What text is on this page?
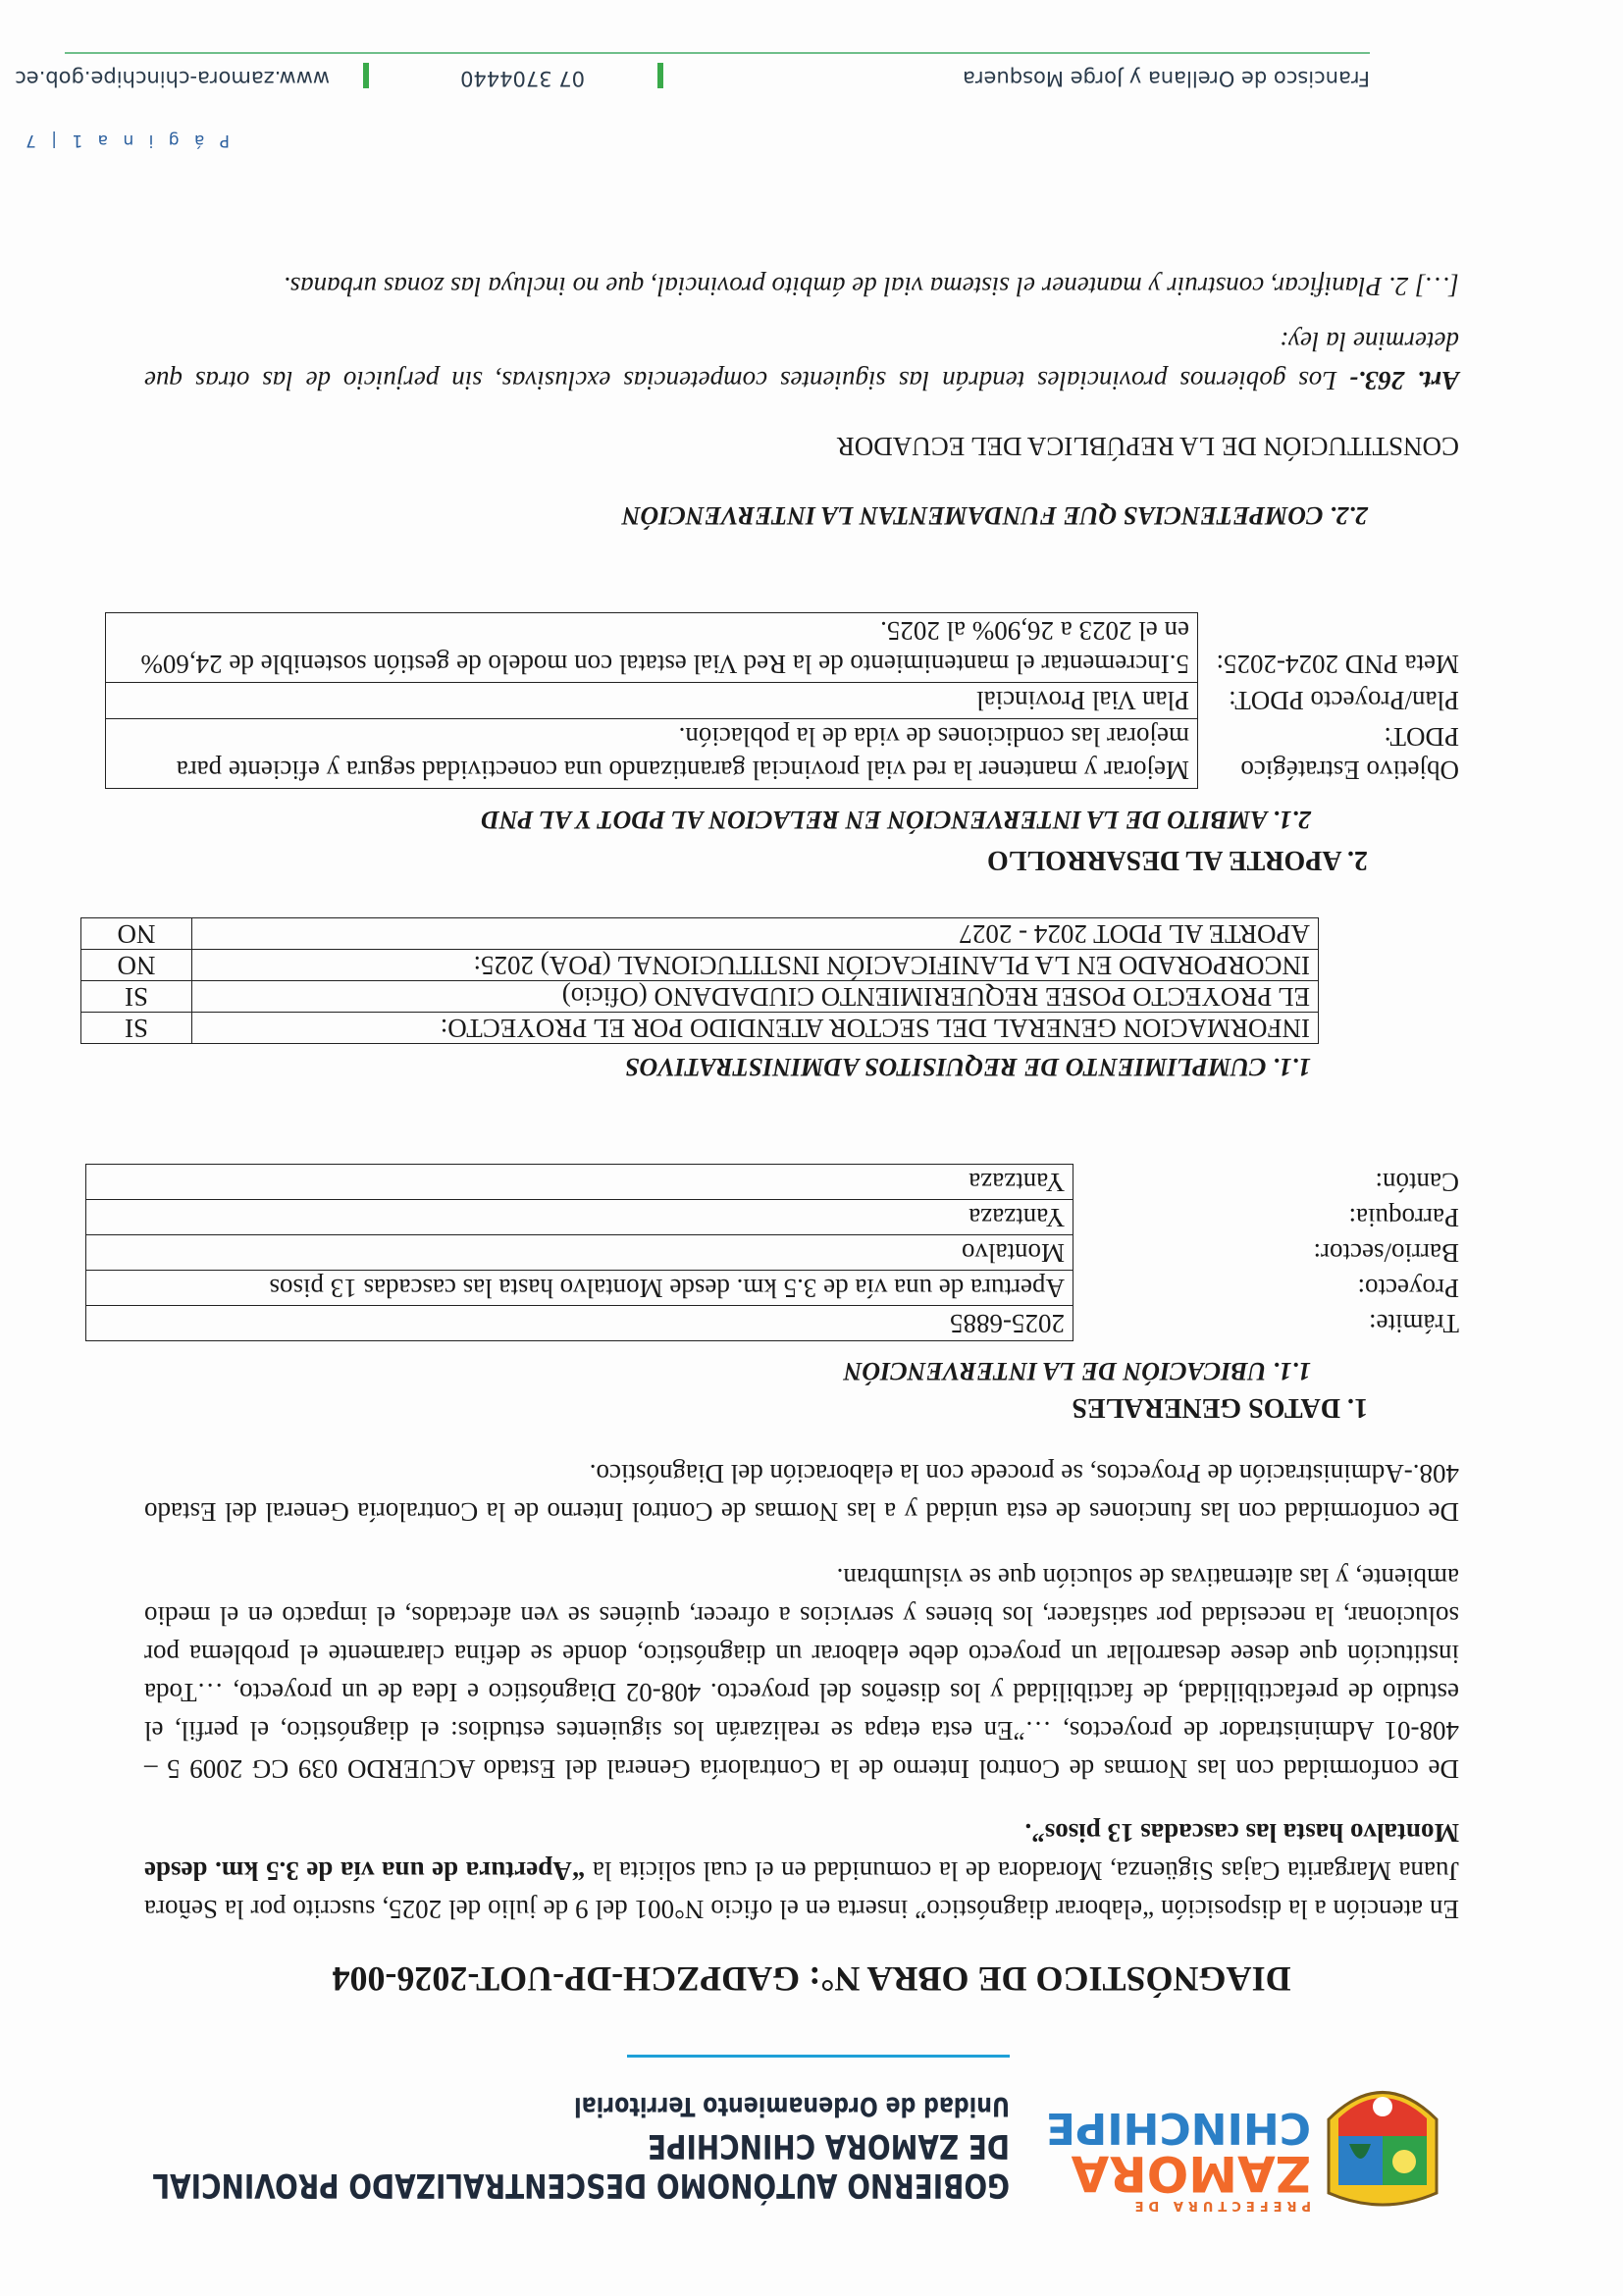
PREFECTURA DE
ZAMORA
CHINCHIPE
GOBIERNO AUTÓNOMO DESCENTRALIZADO PROVINCIAL
DE ZAMORA CHINCHIPE
Unidad de Ordenamiento Territorial
DIAGNÓSTICO DE OBRA N°: GADPZCH-DP-UOT-2026-004
En atención a la disposición “elaborar diagnóstico” inserta en el oficio N°001 del 9 de julio del 2025, suscrito por la Señora Juana Margarita Cajas Sigüenza, Moradora de la comunidad en el cual solicita la “Apertura de una vía de 3.5 km. desde Montalvo hasta las cascadas 13 pisos”.
De conformidad con las Normas de Control Interno de la Contraloría General del Estado ACUERDO 039 CG 2009 5 – 408-01 Administrador de proyectos, …”En esta etapa se realizarán los siguientes estudios: el diagnóstico, el perfil, el estudio de prefactibilidad, de factibilidad y los diseños del proyecto. 408-02 Diagnóstico e Idea de un proyecto, …Toda institución que desee desarrollar un proyecto debe elaborar un diagnóstico, donde se defina claramente el problema por solucionar, la necesidad por satisfacer, los bienes y servicios a ofrecer, quiénes se ven afectados, el impacto en el medio ambiente, y las alternativas de solución que se vislumbran.
De conformidad con las funciones de esta unidad y a las Normas de Control Interno de la Contraloría General del Estado 408.-Administración de Proyectos, se procede con la elaboración del Diagnóstico.
1. DATOS GENERALES
1.1. UBICACIÓN DE LA INTERVENCIÓN
Trámite:	2025-6885
Proyecto:	Apertura de una vía de 3.5 km. desde Montalvo hasta las cascadas 13 pisos
Barrio/sector:	Montalvo
Parroquia:	Yantzaza
Cantón:	Yantzaza
1.1. CUMPLIMIENTO DE REQUISITOS ADMINISTRATIVOS
INFORMACION GENERAL DEL SECTOR ATENDIDO POR EL PROYECTO:	SI
EL PROYECTO POSEE REQUERIMIENTO CIUDADANO (Oficio)	SI
INCORPORADO EN LA PLANIFICACIÓN INSTITUCIONAL (POA) 2025:	NO
APORTE AL PDOT 2024 - 2027	NO
2. APORTE AL DESARROLLO
2.1. AMBITO DE LA INTERVENCIÓN EN RELACION AL PDOT Y AL PND
Objetivo Estratégico PDOT:	Mejorar y mantener la red vial provincial garantizando una conectividad segura y eficiente para mejorar las condiciones de vida de la población.
Plan/Proyecto PDOT:	Plan Vial Provincial
Meta PND 2024-2025:	5.Incrementar el mantenimiento de la Red Vial estatal con modelo de gestión sostenible de 24,60% en el 2023 a 26,90% al 2025.
2.2. COMPETENCIAS QUE FUNDAMENTAN LA INTERVENCIÓN
CONSTITUCIÓN DE LA REPÚBLICA DEL ECUADOR
Art. 263.- Los gobiernos provinciales tendrán las siguientes competencias exclusivas, sin perjuicio de las otras que determine la ley:
[…] 2. Planificar, construir y mantener el sistema vial de ámbito provincial, que no incluya las zonas urbanas.
P á g i n a 1 | 7
Francisco de Orellana y Jorge Mosquera
07 3704440
www.zamora-chinchipe.gob.ec
